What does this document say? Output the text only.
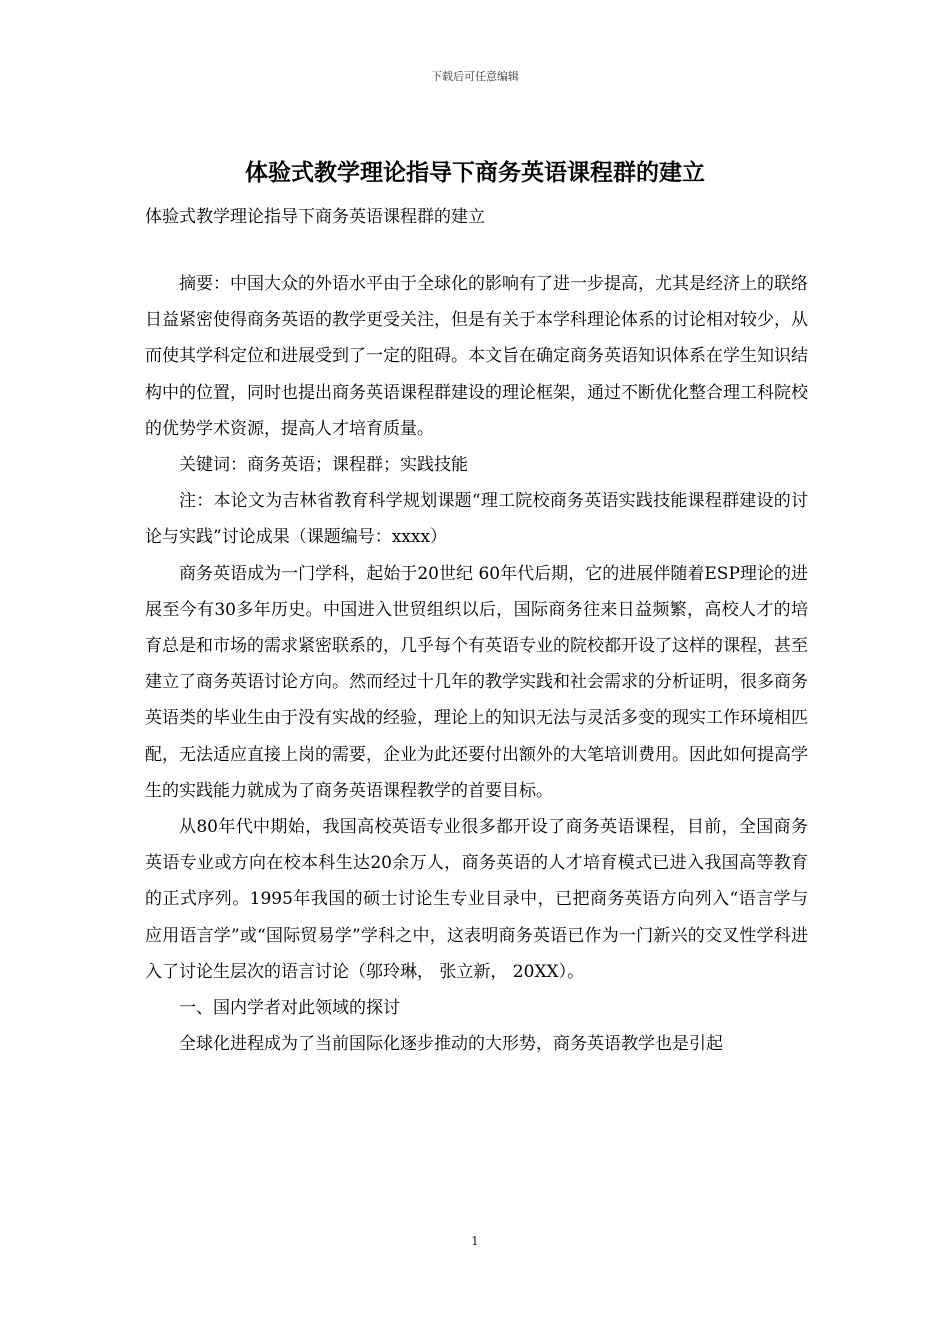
下载后可任意编辑
体验式教学理论指导下商务英语课程群的建立
体验式教学理论指导下商务英语课程群的建立

摘要：中国大众的外语水平由于全球化的影响有了进一步提高，尤其是经济上的联络日益紧密使得商务英语的教学更受关注，但是有关于本学科理论体系的讨论相对较少，从而使其学科定位和进展受到了一定的阻碍。本文旨在确定商务英语知识体系在学生知识结构中的位置，同时也提出商务英语课程群建设的理论框架，通过不断优化整合理工科院校的优势学术资源，提高人才培育质量。

关键词：商务英语；课程群；实践技能

注：本论文为吉林省教育科学规划课题“理工院校商务英语实践技能课程群建设的讨论与实践”讨论成果（课题编号：xxxx）

商务英语成为一门学科，起始于20世纪 60年代后期，它的进展伴随着ESP理论的进展至今有30多年历史。中国进入世贸组织以后，国际商务往来日益频繁，高校人才的培育总是和市场的需求紧密联系的，几乎每个有英语专业的院校都开设了这样的课程，甚至建立了商务英语讨论方向。然而经过十几年的教学实践和社会需求的分析证明，很多商务英语类的毕业生由于没有实战的经验，理论上的知识无法与灵活多变的现实工作环境相匹配，无法适应直接上岗的需要，企业为此还要付出额外的大笔培训费用。因此如何提高学生的实践能力就成为了商务英语课程教学的首要目标。

从80年代中期始，我国高校英语专业很多都开设了商务英语课程，目前，全国商务英语专业或方向在校本科生达20余万人，商务英语的人才培育模式已进入我国高等教育的正式序列。1995年我国的硕士讨论生专业目录中，已把商务英语方向列入“语言学与应用语言学”或“国际贸易学”学科之中，这表明商务英语已作为一门新兴的交叉性学科进入了讨论生层次的语言讨论（邬玲琳， 张立新， 20XX）。

一、国内学者对此领域的探讨

全球化进程成为了当前国际化逐步推动的大形势，商务英语教学也是引起

1
